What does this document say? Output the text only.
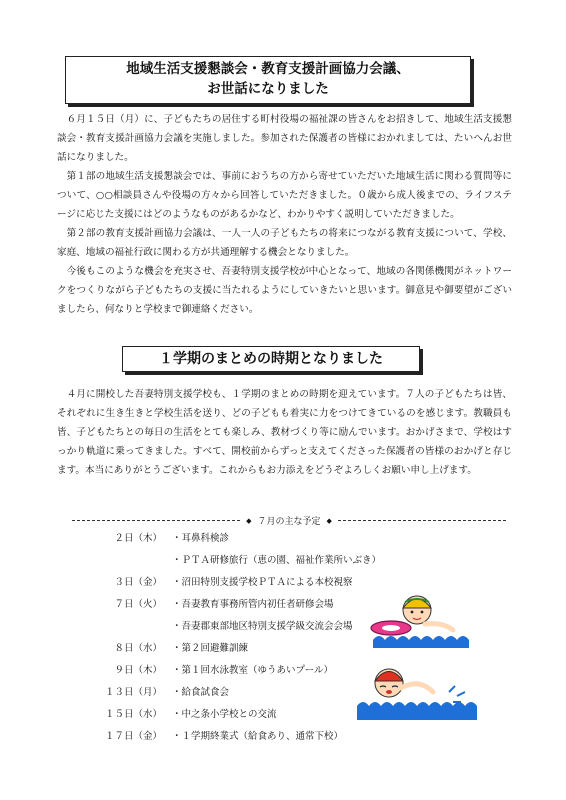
地域生活支援懇談会・教育支援計画協力会議、
お世話になりました

６月１５日（月）に、子どもたちの居住する町村役場の福祉課の皆さんをお招きして、地域生活支援懇談会・教育支援計画協力会議を実施しました。参加された保護者の皆様におかれましては、たいへんお世話になりました。

第１部の地域生活支援懇談会では、事前におうちの方から寄せていただいた地域生活に関わる質問等について、○○相談員さんや役場の方々から回答していただきました。０歳から成人後までの、ライフステージに応じた支援にはどのようなものがあるかなど、わかりやすく説明していただきました。

第２部の教育支援計画協力会議は、一人一人の子どもたちの将来につながる教育支援について、学校、家庭、地域の福祉行政に関わる方が共通理解する機会となりました。

今後もこのような機会を充実させ、吾妻特別支援学校が中心となって、地域の各関係機関がネットワークをつくりながら子どもたちの支援に当たれるようにしていきたいと思います。御意見や御要望がございましたら、何なりと学校まで御連絡ください。

１学期のまとめの時期となりました

４月に開校した吾妻特別支援学校も、１学期のまとめの時期を迎えています。７人の子どもたちは皆、それぞれに生き生きと学校生活を送り、どの子どもも着実に力をつけてきているのを感じます。教職員も皆、子どもたちとの毎日の生活をとても楽しみ、教材づくり等に励んでいます。おかげさまで、学校はすっかり軌道に乗ってきました。すべて、開校前からずっと支えてくださった保護者の皆様のおかげと存じます。本当にありがとうございます。これからもお力添えをどうぞよろしくお願い申し上げます。

◆ ７月の主な予定 ◆
２日（木）	・耳鼻科検診
・ＰＴＡ研修旅行（恵の園、福祉作業所いぶき）
３日（金）	・沼田特別支援学校ＰＴＡによる本校視察
７日（火）	・吾妻教育事務所管内初任者研修会場
・吾妻郡東部地区特別支援学級交流会会場
８日（水）	・第２回避難訓練
９日（木）	・第１回水泳教室（ゆうあいプール）
１３日（月）	・給食試食会
１５日（水）	・中之条小学校との交流
１７日（金）	・１学期終業式（給食あり、通常下校）
